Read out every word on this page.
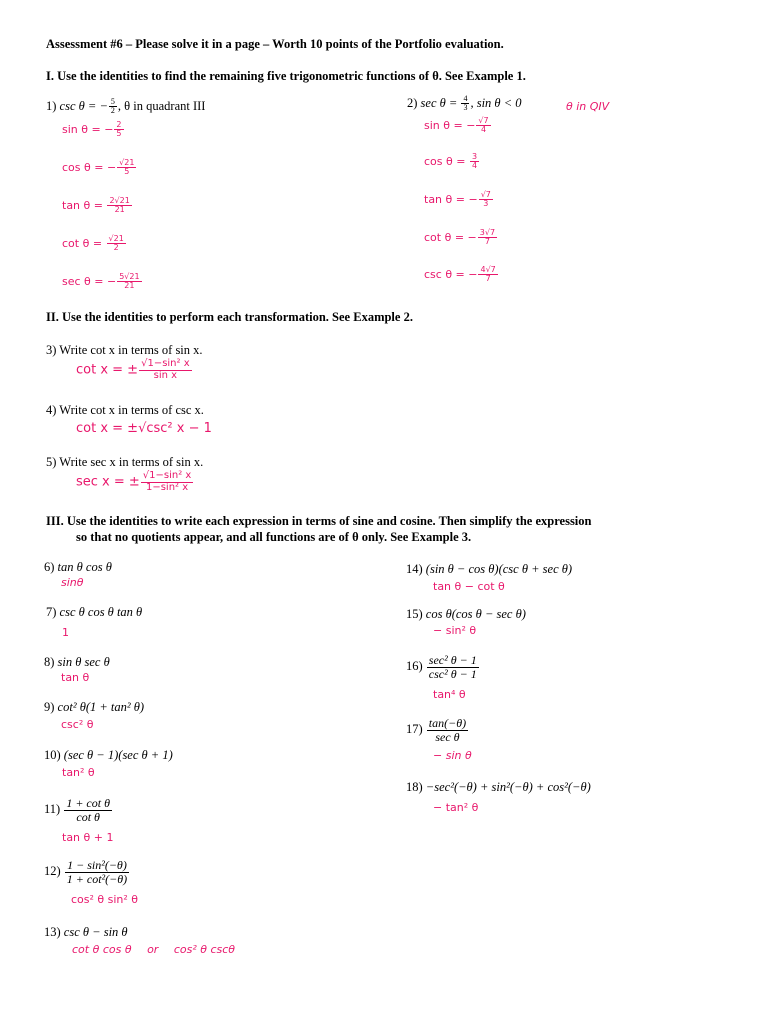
Assessment #6 – Please solve it in a page – Worth 10 points of the Portfolio evaluation.
I. Use the identities to find the remaining five trigonometric functions of θ. See Example 1.
1) csc θ = − $\frac{5}{2}$ , θ in quadrant III
sin θ = − $\frac{2}{5}$
cos θ = − $\frac{√21}{5}$
$\tan \theta = \frac{2√21}{21}$
$\cot \theta = \frac{√21}{2}$
sec θ = − $\frac{5√21}{21}$
2) $\sec \theta = \frac{4}{3}$ , sin θ < 0	θ in QIV
sin θ = − $\frac{√7}{4}$
$\cos \theta = \frac{3}{4}$
tan θ = − $\frac{√7}{3}$
cot θ = − $\frac{3√7}{7}$
csc θ = − $\frac{4√7}{7}$
II. Use the identities to perform each transformation. See Example 2.
3) Write cot x in terms of sin x.
cot x = ± $\frac{\text{√1−sin² x}}{\text{sin x}}$
4) Write cot x in terms of csc x.
cot x = ±√csc² x − 1
5) Write sec x in terms of sin x.
sec x = ± $\frac{\text{√1−sin² x}}{\text{1−sin² x}}$
III. Use the identities to write each expression in terms of sine and cosine. Then simplify the expression
so that no quotients appear, and all functions are of θ only. See Example 3.
6) tan θ cos θ
sinθ
7) csc θ cos θ tan θ
1
8) sin θ sec θ
tan θ
9) cot² θ(1 + tan² θ)
csc² θ
10) (sec θ − 1)(sec θ + 1)
tan² θ
$11) \frac{\text{1 + cot θ}}{\text{cot θ}}$
tan θ + 1
$12) \frac{\text{1 − sin²(−θ)}}{\text{1 + cot²(−θ)}}$
cos² θ sin² θ
13) csc θ − sin θ
cot θ cos θ or cos² θ cscθ
14) (sin θ − cos θ)(csc θ + sec θ)
tan θ − cot θ
15) cos θ(cos θ − sec θ)
− sin² θ
$16) \frac{\text{sec² θ − 1}}{\text{csc² θ − 1}}$
tan⁴ θ
$17) \frac{\tan(-\theta)}{\text{sec θ}}$
− sin θ
18) −sec²(−θ) + sin²(−θ) + cos²(−θ)
− tan² θ
